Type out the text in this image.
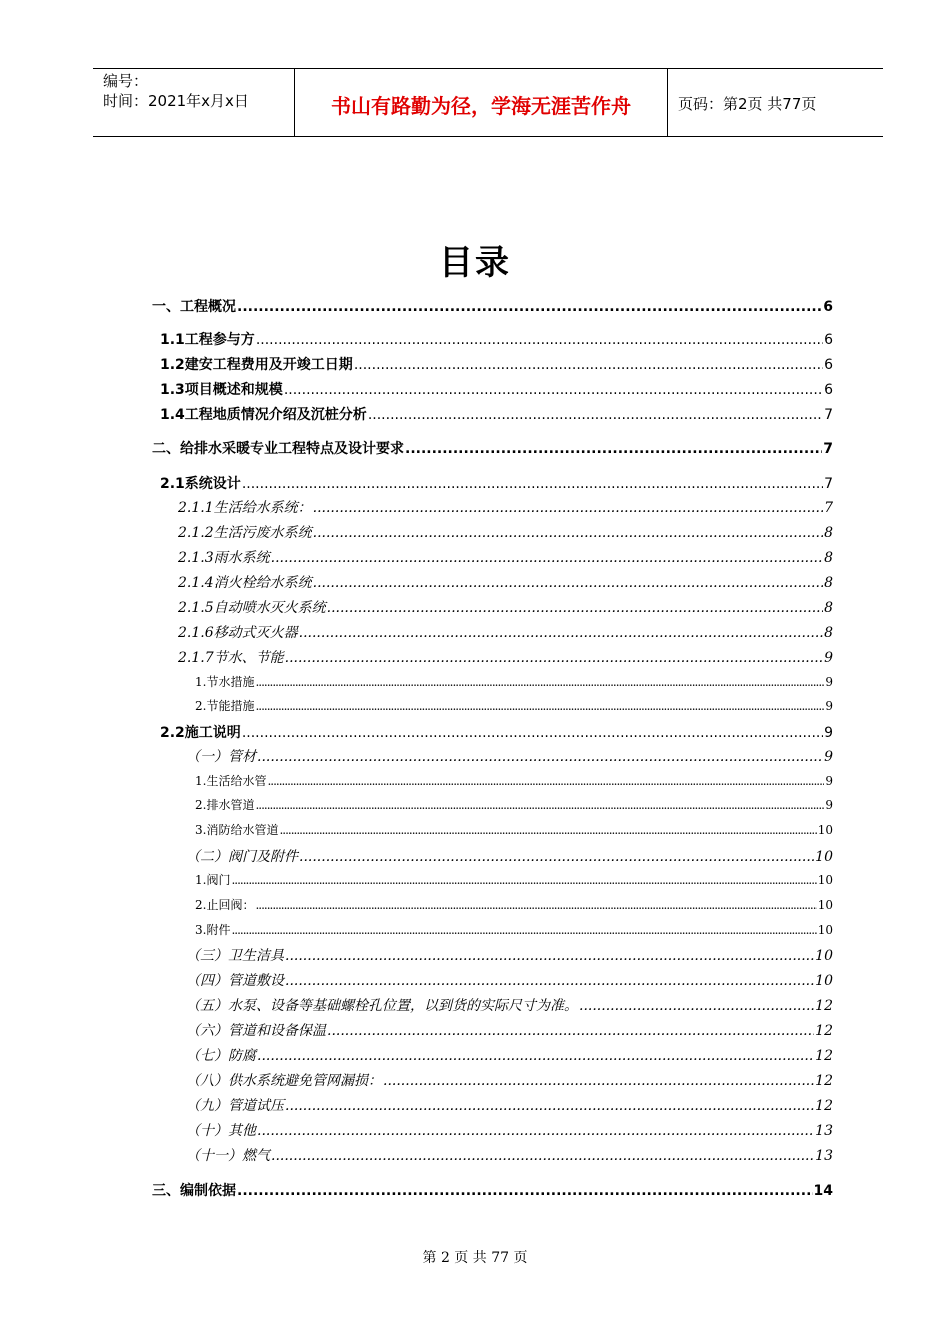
编号：
时间：2021年x月x日	书山有路勤为径，学海无涯苦作舟	页码：第2页 共77页
目录
一、工程概况 .....	6
1.1工程参与方 .....	6
1.2建安工程费用及开竣工日期 .....	6
1.3项目概述和规模 .....	6
1.4工程地质情况介绍及沉桩分析 .....	7
二、给排水采暖专业工程特点及设计要求 .....	7
2.1系统设计 .....	7
2.1.1生活给水系统： .....	7
2.1.2生活污废水系统 .....	8
2.1.3雨水系统 .....	8
2.1.4消火栓给水系统 .....	8
2.1.5自动喷水灭火系统 .....	8
2.1.6移动式灭火器 .....	8
2.1.7节水、节能 .....	9
1.节水措施 .....	9
2.节能措施 .....	9
2.2施工说明 .....	9
（一）管材 .....	9
1.生活给水管 .....	9
2.排水管道 .....	9
3.消防给水管道 .....	10
（二）阀门及附件 .....	10
1.阀门 .....	10
2.止回阀： .....	10
3.附件 .....	10
（三）卫生洁具 .....	10
（四）管道敷设 .....	10
（五）水泵、设备等基础螺栓孔位置，以到货的实际尺寸为准。 .....	12
（六）管道和设备保温 .....	12
（七）防腐 .....	12
（八）供水系统避免管网漏损： .....	12
（九）管道试压 .....	12
（十）其他 .....	13
（十一）燃气 .....	13
三、编制依据 .....	14
第 2 页 共 77 页
